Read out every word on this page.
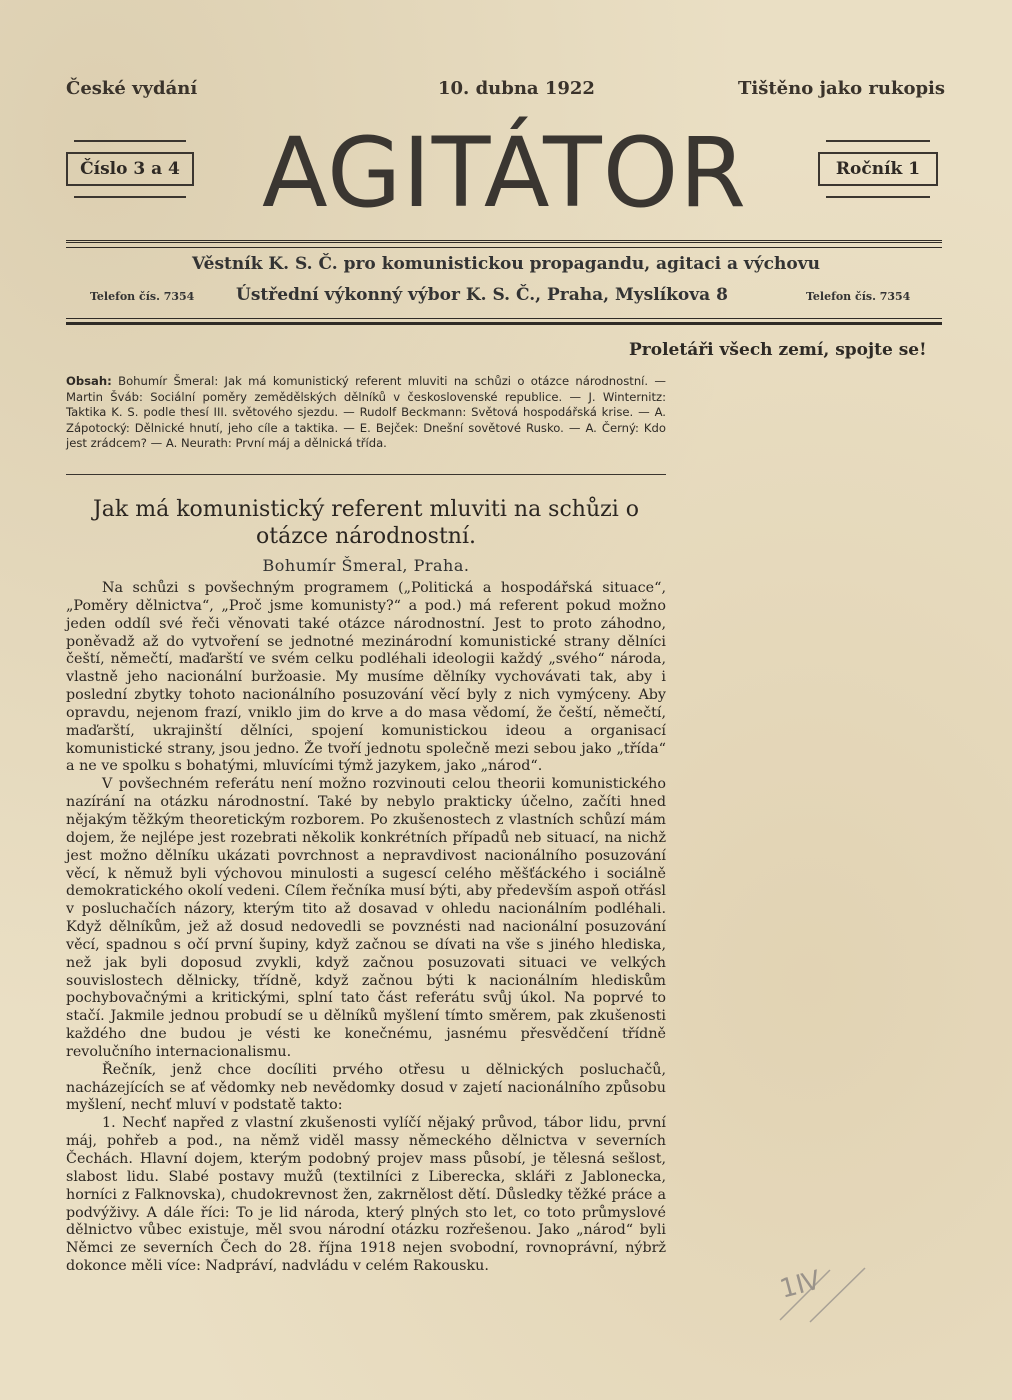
České vydání	10. dubna 1922	Tištěno jako rukopis
Číslo 3 a 4 AGITÁTOR	Ročník 1
Věstník K. S. Č. pro komunistickou propagandu, agitaci a výchovu
Telefon čís. 7354 Ústřední výkonný výbor K. S. Č., Praha, Myslíkova 8	Telefon čís. 7354
Proletáři všech zemí, spojte se!
Obsah: Bohumír Šmeral: Jak má komunistický referent mluviti na schůzi o otázce národnostní. — Martin Šváb: Sociální poměry zemědělských dělníků v československé republice. — J. Winternitz: Taktika K. S. podle thesí III. světového sjezdu. — Rudolf Beckmann: Světová hospodářská krise. — A. Zápotocký: Dělnické hnutí, jeho cíle a taktika. — E. Bejček: Dnešní sovětové Rusko. — A. Černý: Kdo jest zrádcem? — A. Neurath: První máj a dělnická třída.
Jak má komunistický referent mluviti na schůzi o otázce národnostní.
Bohumír Šmeral, Praha.

Na schůzi s povšechným programem („Politická a hospodářská situace“, „Poměry dělnictva“, „Proč jsme komunisty?“ a pod.) má referent pokud možno jeden oddíl své řeči věnovati také otázce národnostní. Jest to proto záhodno, poněvadž až do vytvoření se jednotné mezinárodní komunistické strany dělníci čeští, němečtí, maďarští ve svém celku podléhali ideologii každý „svého“ národa, vlastně jeho nacionální buržoasie. My musíme dělníky vychovávati tak, aby i poslední zbytky tohoto nacionálního posuzování věcí byly z nich vymýceny. Aby opravdu, nejenom frazí, vniklo jim do krve a do masa vědomí, že čeští, němečtí, maďarští, ukrajinští dělníci, spojení komunistickou ideou a organisací komunistické strany, jsou jedno. Že tvoří jednotu společně mezi sebou jako „třída“ a ne ve spolku s bohatými, mluvícími týmž jazykem, jako „národ“.

V povšechném referátu není možno rozvinouti celou theorii komunistického nazírání na otázku národnostní. Také by nebylo prakticky účelno, začíti hned nějakým těžkým theoretickým rozborem. Po zkušenostech z vlastních schůzí mám dojem, že nejlépe jest rozebrati několik konkrétních případů neb situací, na nichž jest možno dělníku ukázati povrchnost a nepravdivost nacionálního posuzování věcí, k němuž byli výchovou minulosti a sugescí celého měšťáckého i sociálně demokratického okolí vedeni. Cílem řečníka musí býti, aby především aspoň otřásl v posluchačích názory, kterým tito až dosavad v ohledu nacionálním podléhali. Když dělníkům, jež až dosud nedovedli se povznésti nad nacionální posuzování věcí, spadnou s očí první šupiny, když začnou se dívati na vše s jiného hlediska, než jak byli doposud zvykli, když začnou posuzovati situaci ve velkých souvislostech dělnicky, třídně, když začnou býti k nacionálním hlediskům pochybovačnými a kritickými, splní tato část referátu svůj úkol. Na poprvé to stačí. Jakmile jednou probudí se u dělníků myšlení tímto směrem, pak zkušenosti každého dne budou je vésti ke konečnému, jasnému přesvědčení třídně revolučního internacionalismu.

Řečník, jenž chce docíliti prvého otřesu u dělnických posluchačů, nacházejících se ať vědomky neb nevědomky dosud v zajetí nacionálního způsobu myšlení, nechť mluví v podstatě takto:

1. Nechť napřed z vlastní zkušenosti vylíčí nějaký průvod, tábor lidu, první máj, pohřeb a pod., na němž viděl massy německého dělnictva v severních Čechách. Hlavní dojem, kterým podobný projev mass působí, je tělesná sešlost, slabost lidu. Slabé postavy mužů (textilníci z Liberecka, skláři z Jablonecka, horníci z Falknovska), chudokrevnost žen, zakrnělost dětí. Důsledky těžké práce a podvýživy. A dále říci: To je lid národa, který plných sto let, co toto průmyslové dělnictvo vůbec existuje, měl svou národní otázku rozřešenou. Jako „národ“ byli Němci ze severních Čech do 28. října 1918 nejen svobodní, rovnoprávní, nýbrž dokonce měli více: Nadpráví, nadvládu v celém Rakousku.	1Ⅳ
